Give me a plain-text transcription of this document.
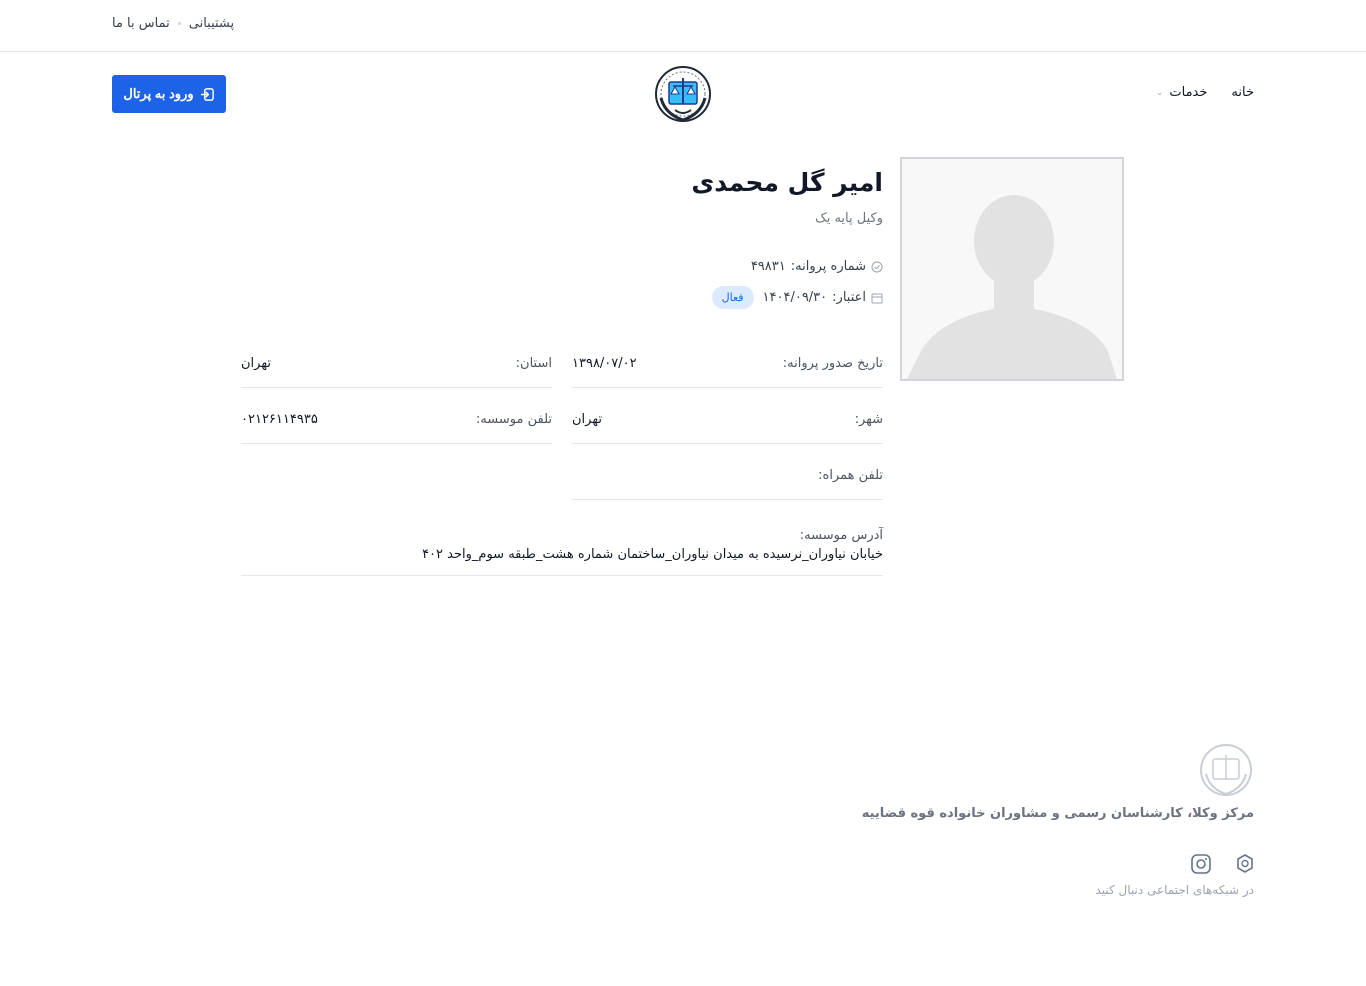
پشتیبانی
تماس با ما
خانه
خدمات
⌄
ورود به پرتال
امیر گل محمدی
وکیل پایه یک
شماره پروانه:
۴۹۸۳۱
اعتبار:
۱۴۰۴/۰۹/۳۰
فعال
تاریخ صدور پروانه:
۱۳۹۸/۰۷/۰۲
استان:
تهران
شهر:
تهران
تلفن موسسه:
۰۲۱۲۶۱۱۴۹۳۵
تلفن همراه:
آدرس موسسه:
خیابان نیاوران_نرسیده به میدان نیاوران_ساختمان شماره هشت_طبقه سوم_واحد ۴۰۲
مرکز وکلا، کارشناسان رسمی و مشاوران خانواده قوه قضاییه
در شبکه‌های اجتماعی دنبال کنید
